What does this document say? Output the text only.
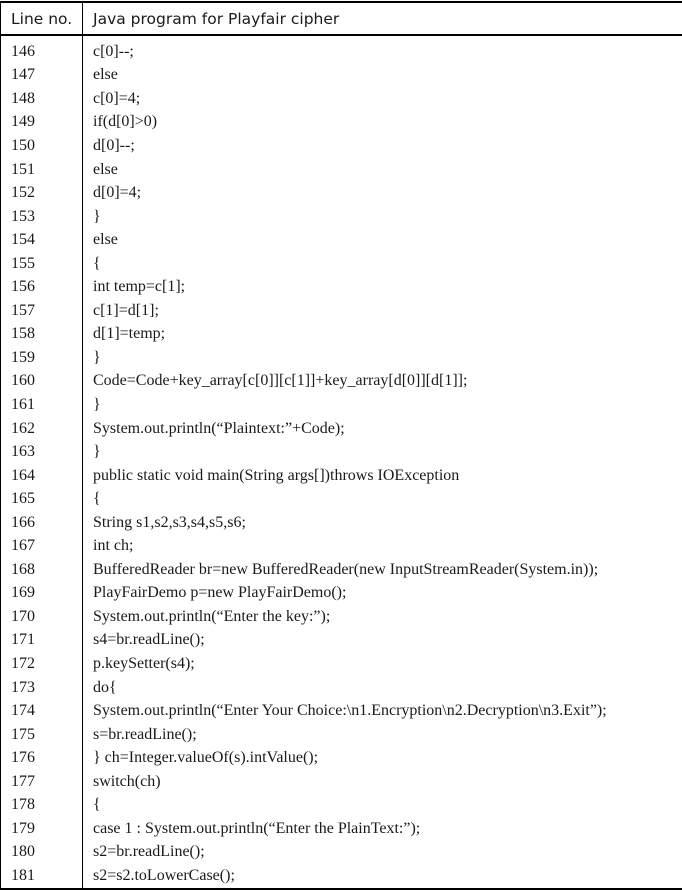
Line no.	Java program for Playfair cipher
146	c[0]--;
147	else
148	c[0]=4;
149	if(d[0]>0)
150	d[0]--;
151	else
152	d[0]=4;
153	}
154	else
155	{
156	int temp=c[1];
157	c[1]=d[1];
158	d[1]=temp;
159	}
160	Code=Code+key_array[c[0]][c[1]]+key_array[d[0]][d[1]];
161	}
162	System.out.println(“Plaintext:”+Code);
163	}
164	public static void main(String args[])throws IOException
165	{
166	String s1,s2,s3,s4,s5,s6;
167	int ch;
168	BufferedReader br=new BufferedReader(new InputStreamReader(System.in));
169	PlayFairDemo p=new PlayFairDemo();
170	System.out.println(“Enter the key:”);
171	s4=br.readLine();
172	p.keySetter(s4);
173	do{
174	System.out.println(“Enter Your Choice:\n1.Encryption\n2.Decryption\n3.Exit”);
175	s=br.readLine();
176	} ch=Integer.valueOf(s).intValue();
177	switch(ch)
178	{
179	case 1 : System.out.println(“Enter the PlainText:”);
180	s2=br.readLine();
181	s2=s2.toLowerCase();
